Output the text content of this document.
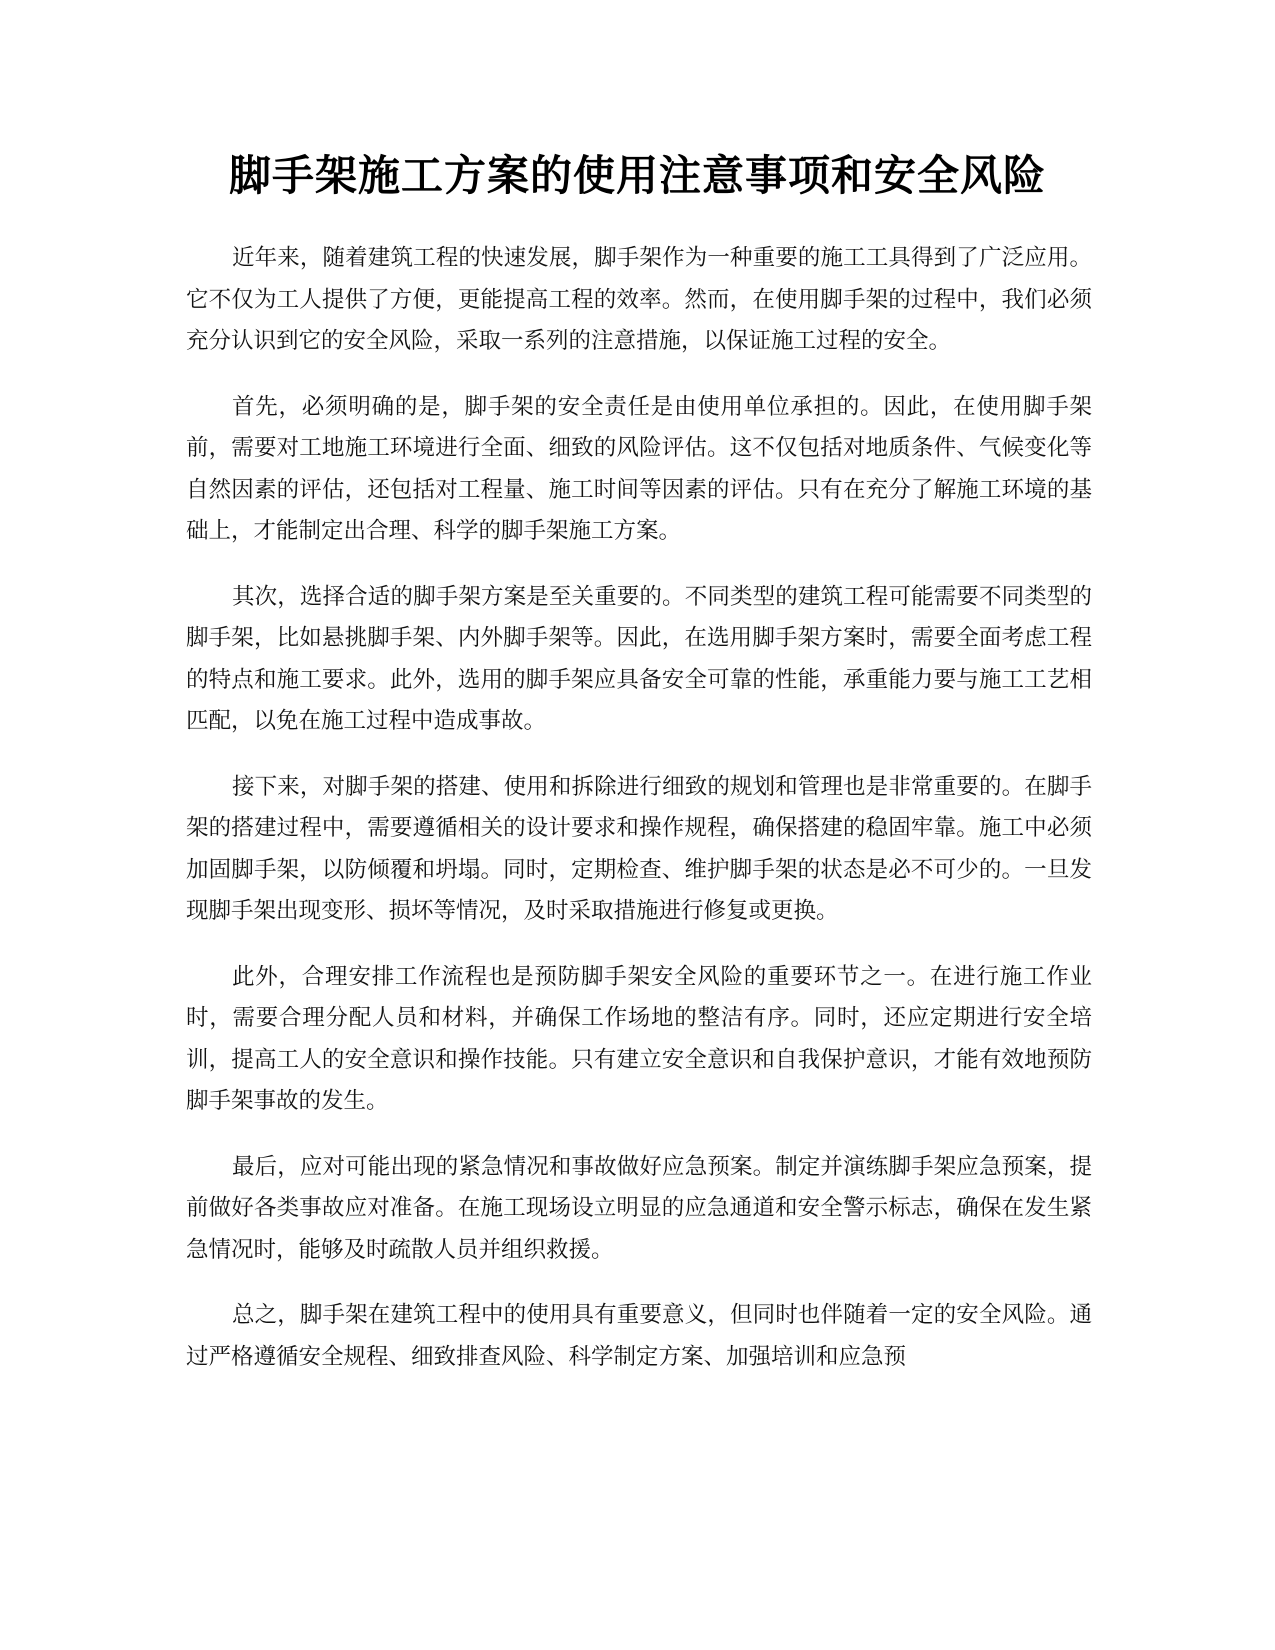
脚手架施工方案的使用注意事项和安全风险

近年来，随着建筑工程的快速发展，脚手架作为一种重要的施工工具得到了广泛应用。它不仅为工人提供了方便，更能提高工程的效率。然而，在使用脚手架的过程中，我们必须充分认识到它的安全风险，采取一系列的注意措施，以保证施工过程的安全。

首先，必须明确的是，脚手架的安全责任是由使用单位承担的。因此，在使用脚手架前，需要对工地施工环境进行全面、细致的风险评估。这不仅包括对地质条件、气候变化等自然因素的评估，还包括对工程量、施工时间等因素的评估。只有在充分了解施工环境的基础上，才能制定出合理、科学的脚手架施工方案。

其次，选择合适的脚手架方案是至关重要的。不同类型的建筑工程可能需要不同类型的脚手架，比如悬挑脚手架、内外脚手架等。因此，在选用脚手架方案时，需要全面考虑工程的特点和施工要求。此外，选用的脚手架应具备安全可靠的性能，承重能力要与施工工艺相匹配，以免在施工过程中造成事故。

接下来，对脚手架的搭建、使用和拆除进行细致的规划和管理也是非常重要的。在脚手架的搭建过程中，需要遵循相关的设计要求和操作规程，确保搭建的稳固牢靠。施工中必须加固脚手架，以防倾覆和坍塌。同时，定期检查、维护脚手架的状态是必不可少的。一旦发现脚手架出现变形、损坏等情况，及时采取措施进行修复或更换。

此外，合理安排工作流程也是预防脚手架安全风险的重要环节之一。在进行施工作业时，需要合理分配人员和材料，并确保工作场地的整洁有序。同时，还应定期进行安全培训，提高工人的安全意识和操作技能。只有建立安全意识和自我保护意识，才能有效地预防脚手架事故的发生。

最后，应对可能出现的紧急情况和事故做好应急预案。制定并演练脚手架应急预案，提前做好各类事故应对准备。在施工现场设立明显的应急通道和安全警示标志，确保在发生紧急情况时，能够及时疏散人员并组织救援。

总之，脚手架在建筑工程中的使用具有重要意义，但同时也伴随着一定的安全风险。通过严格遵循安全规程、细致排查风险、科学制定方案、加强培训和应急预
